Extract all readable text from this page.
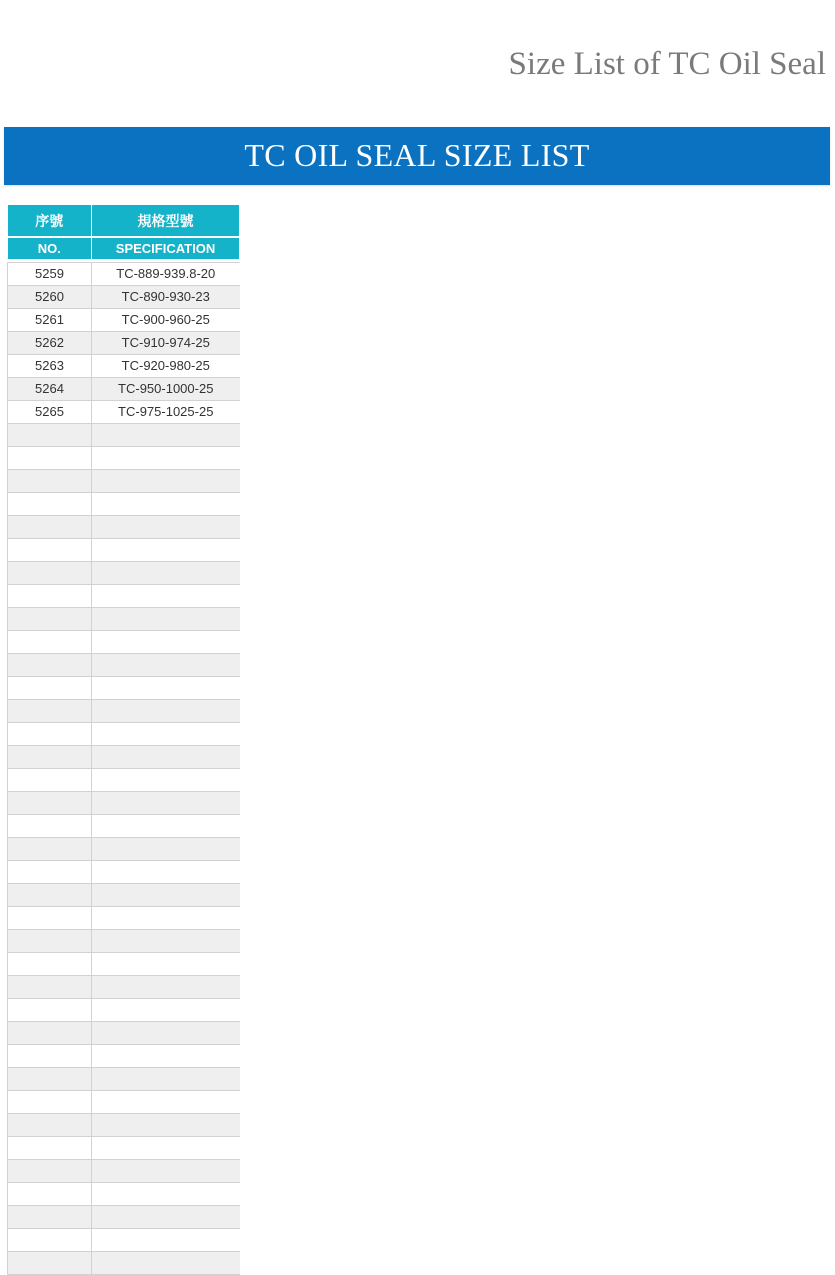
Size List of TC Oil Seal
TC OIL SEAL SIZE LIST
序號	規格型號
NO.	SPECIFICATION

5259	TC-889-939.8-20
5260	TC-890-930-23
5261	TC-900-960-25
5262	TC-910-974-25
5263	TC-920-980-25
5264	TC-950-1000-25
5265	TC-975-1025-25
